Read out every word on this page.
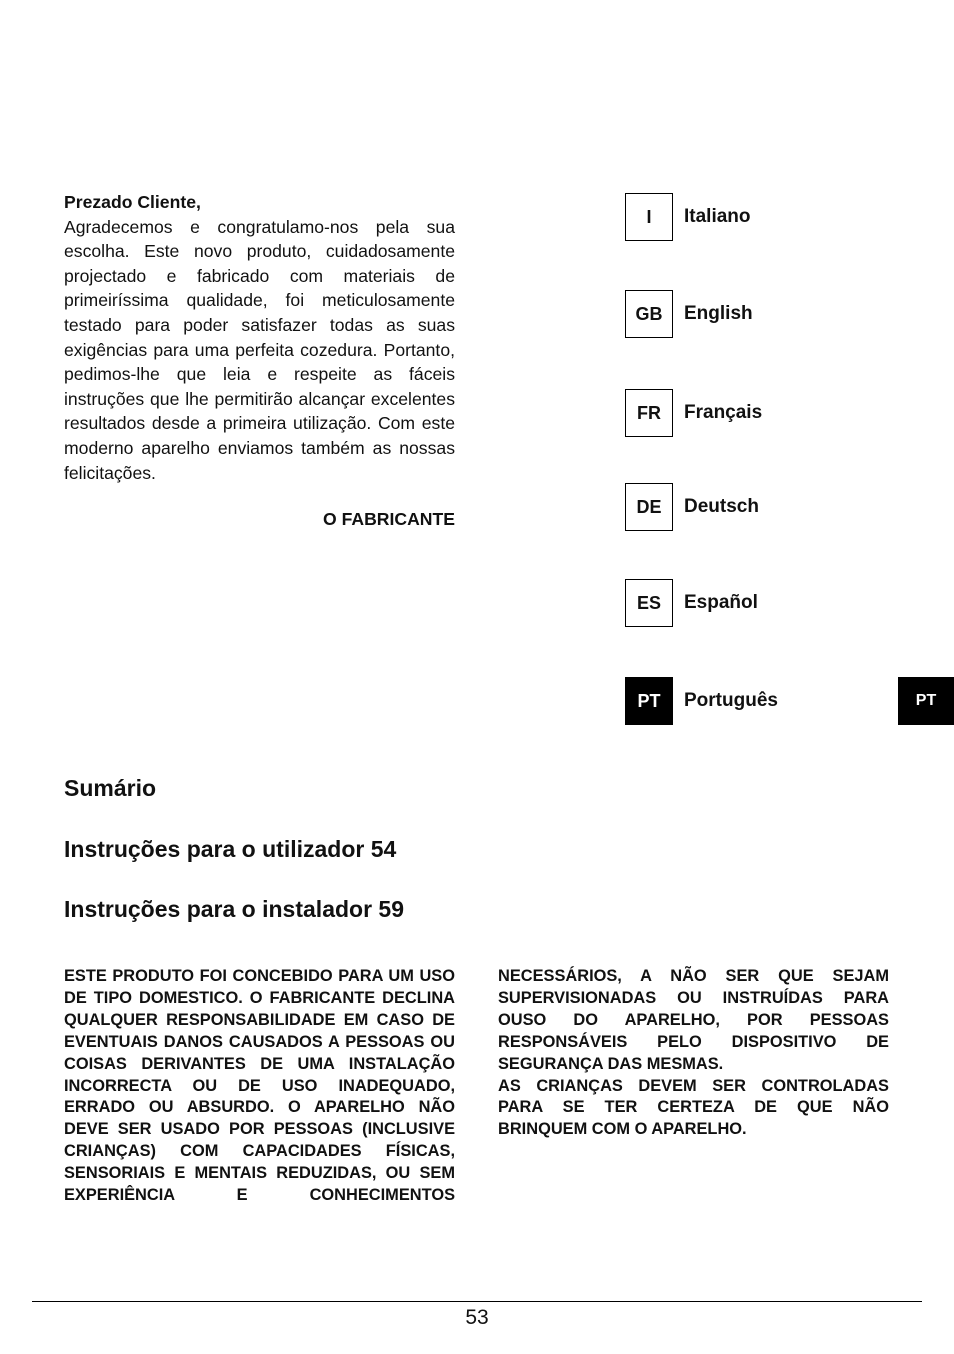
Prezado Cliente,
Agradecemos e congratulamo-nos pela sua escolha. Este novo produto, cuidadosamente projectado e fabricado com materiais de primeiríssima qualidade, foi meticulosamente testado para poder satisfazer todas as suas exigências para uma perfeita cozedura. Portanto, pedimos-lhe que leia e respeite as fáceis instruções que lhe permitirão alcançar excelentes resultados desde a primeira utilização. Com este moderno aparelho enviamos também as nossas felicitações.
O FABRICANTE
I	Italiano
GB	English
FR	Français
DE	Deutsch
ES	Español
PT	Português	PT
Sumário
Instruções para o utilizador 54
Instruções para o instalador 59

ESTE PRODUTO FOI CONCEBIDO PARA UM USO DE TIPO DOMESTICO. O FABRICANTE DECLINA QUALQUER RESPONSABILIDADE EM CASO DE EVENTUAIS DANOS CAUSADOS A PESSOAS OU COISAS DERIVANTES DE UMA INSTALAÇÃO INCORRECTA OU DE USO INADEQUADO, ERRADO OU ABSURDO. O APARELHO NÃO DEVE SER USADO POR PESSOAS (INCLUSIVE CRIANÇAS) COM CAPACIDADES FÍSICAS, SENSORIAIS E MENTAIS REDUZIDAS, OU SEM EXPERIÊNCIA E CONHECIMENTOS

NECESSÁRIOS, A NÃO SER QUE SEJAM SUPERVISIONADAS OU INSTRUÍDAS PARA OUSO DO APARELHO, POR PESSOAS RESPONSÁVEIS PELO DISPOSITIVO DE SEGURANÇA DAS MESMAS.

AS CRIANÇAS DEVEM SER CONTROLADAS PARA SE TER CERTEZA DE QUE NÃO BRINQUEM COM O APARELHO.

53
